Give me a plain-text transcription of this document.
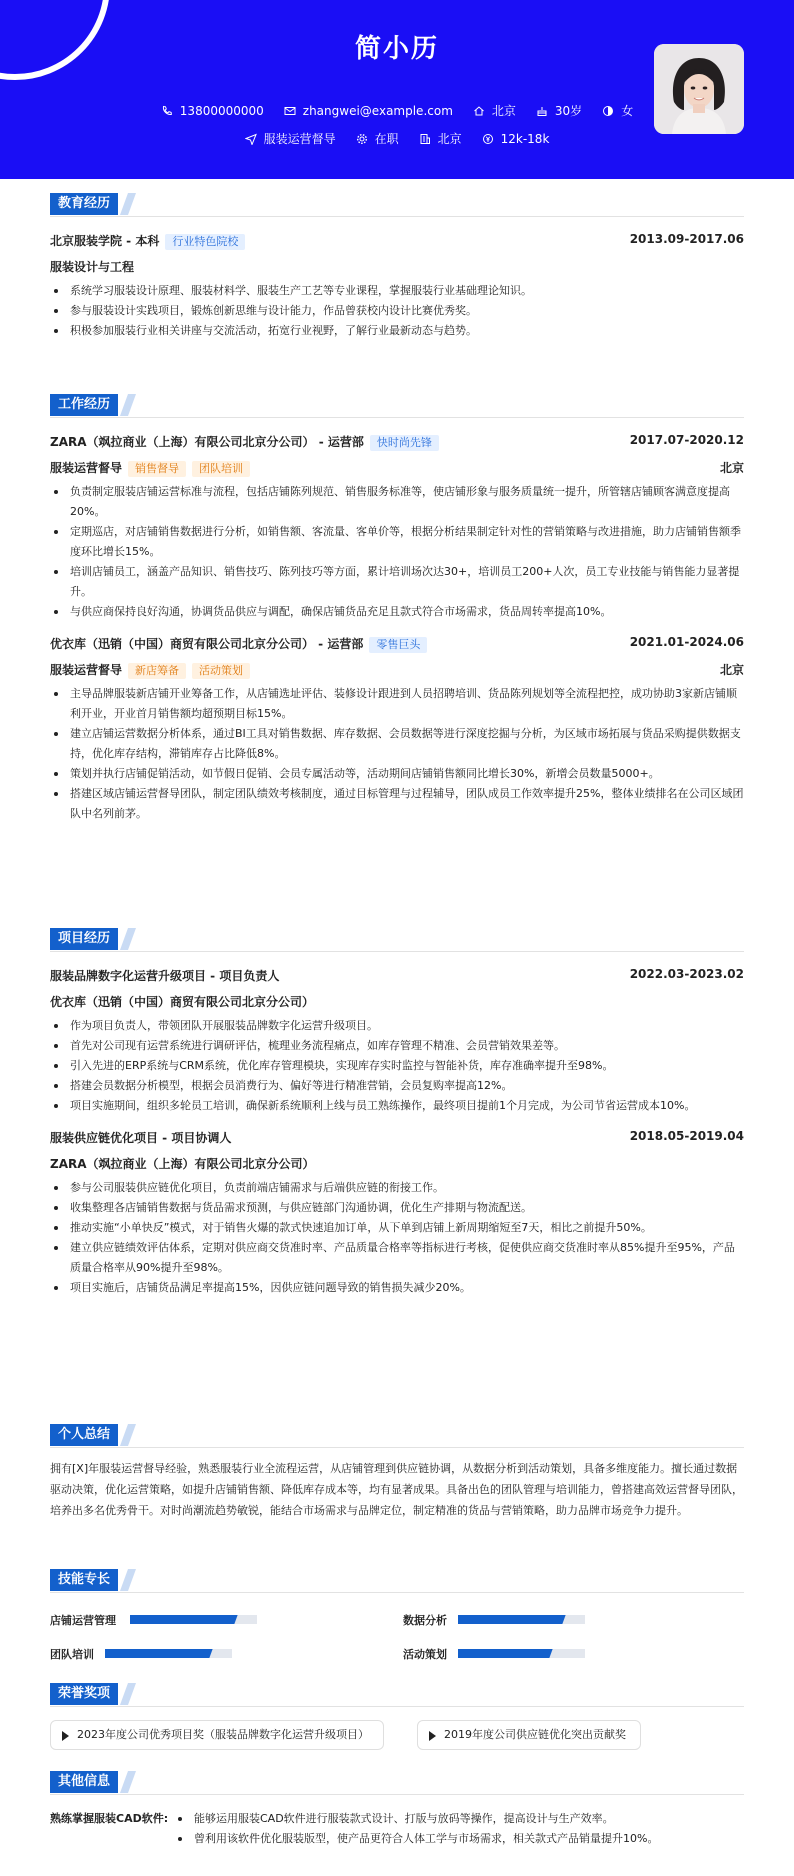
简小历
13800000000	zhangwei@example.com	北京	30岁	女
服装运营督导	在职	北京	12k-18k
教育经历
北京服装学院 - 本科 行业特色院校	2013.09-2017.06
服装设计与工程
系统学习服装设计原理、服装材料学、服装生产工艺等专业课程，掌握服装行业基础理论知识。
参与服装设计实践项目，锻炼创新思维与设计能力，作品曾获校内设计比赛优秀奖。
积极参加服装行业相关讲座与交流活动，拓宽行业视野，了解行业最新动态与趋势。
工作经历
ZARA（飒拉商业（上海）有限公司北京分公司） - 运营部 快时尚先锋	2017.07-2020.12
服装运营督导 销售督导 团队培训	北京
负责制定服装店铺运营标准与流程，包括店铺陈列规范、销售服务标准等，使店铺形象与服务质量统一提升，所管辖店铺顾客满意度提高20%。
定期巡店，对店铺销售数据进行分析，如销售额、客流量、客单价等，根据分析结果制定针对性的营销策略与改进措施，助力店铺销售额季度环比增长15%。
培训店铺员工，涵盖产品知识、销售技巧、陈列技巧等方面，累计培训场次达30+，培训员工200+人次，员工专业技能与销售能力显著提升。
与供应商保持良好沟通，协调货品供应与调配，确保店铺货品充足且款式符合市场需求，货品周转率提高10%。
优衣库（迅销（中国）商贸有限公司北京分公司） - 运营部 零售巨头	2021.01-2024.06
服装运营督导 新店筹备 活动策划	北京
主导品牌服装新店铺开业筹备工作，从店铺选址评估、装修设计跟进到人员招聘培训、货品陈列规划等全流程把控，成功协助3家新店铺顺利开业，开业首月销售额均超预期目标15%。
建立店铺运营数据分析体系，通过BI工具对销售数据、库存数据、会员数据等进行深度挖掘与分析，为区域市场拓展与货品采购提供数据支持，优化库存结构，滞销库存占比降低8%。
策划并执行店铺促销活动，如节假日促销、会员专属活动等，活动期间店铺销售额同比增长30%，新增会员数量5000+。
搭建区域店铺运营督导团队，制定团队绩效考核制度，通过目标管理与过程辅导，团队成员工作效率提升25%，整体业绩排名在公司区域团队中名列前茅。
项目经历
服装品牌数字化运营升级项目 - 项目负责人	2022.03-2023.02
优衣库（迅销（中国）商贸有限公司北京分公司）
作为项目负责人，带领团队开展服装品牌数字化运营升级项目。
首先对公司现有运营系统进行调研评估，梳理业务流程痛点，如库存管理不精准、会员营销效果差等。
引入先进的ERP系统与CRM系统，优化库存管理模块，实现库存实时监控与智能补货，库存准确率提升至98%。
搭建会员数据分析模型，根据会员消费行为、偏好等进行精准营销，会员复购率提高12%。
项目实施期间，组织多轮员工培训，确保新系统顺利上线与员工熟练操作，最终项目提前1个月完成，为公司节省运营成本10%。
服装供应链优化项目 - 项目协调人	2018.05-2019.04
ZARA（飒拉商业（上海）有限公司北京分公司）
参与公司服装供应链优化项目，负责前端店铺需求与后端供应链的衔接工作。
收集整理各店铺销售数据与货品需求预测，与供应链部门沟通协调，优化生产排期与物流配送。
推动实施“小单快反”模式，对于销售火爆的款式快速追加订单，从下单到店铺上新周期缩短至7天，相比之前提升50%。
建立供应链绩效评估体系，定期对供应商交货准时率、产品质量合格率等指标进行考核，促使供应商交货准时率从85%提升至95%，产品质量合格率从90%提升至98%。
项目实施后，店铺货品满足率提高15%，因供应链问题导致的销售损失减少20%。
个人总结
拥有[X]年服装运营督导经验，熟悉服装行业全流程运营，从店铺管理到供应链协调，从数据分析到活动策划，具备多维度能力。擅长通过数据驱动决策，优化运营策略，如提升店铺销售额、降低库存成本等，均有显著成果。具备出色的团队管理与培训能力，曾搭建高效运营督导团队，培养出多名优秀骨干。对时尚潮流趋势敏锐，能结合市场需求与品牌定位，制定精准的货品与营销策略，助力品牌市场竞争力提升。
技能专长
店铺运营管理	数据分析
团队培训	活动策划
荣誉奖项
2023年度公司优秀项目奖（服装品牌数字化运营升级项目）	2019年度公司供应链优化突出贡献奖
其他信息
熟练掌握服装CAD软件:	能够运用服装CAD软件进行服装款式设计、打版与放码等操作，提高设计与生产效率。
曾利用该软件优化服装版型，使产品更符合人体工学与市场需求，相关款式产品销量提升10%。
